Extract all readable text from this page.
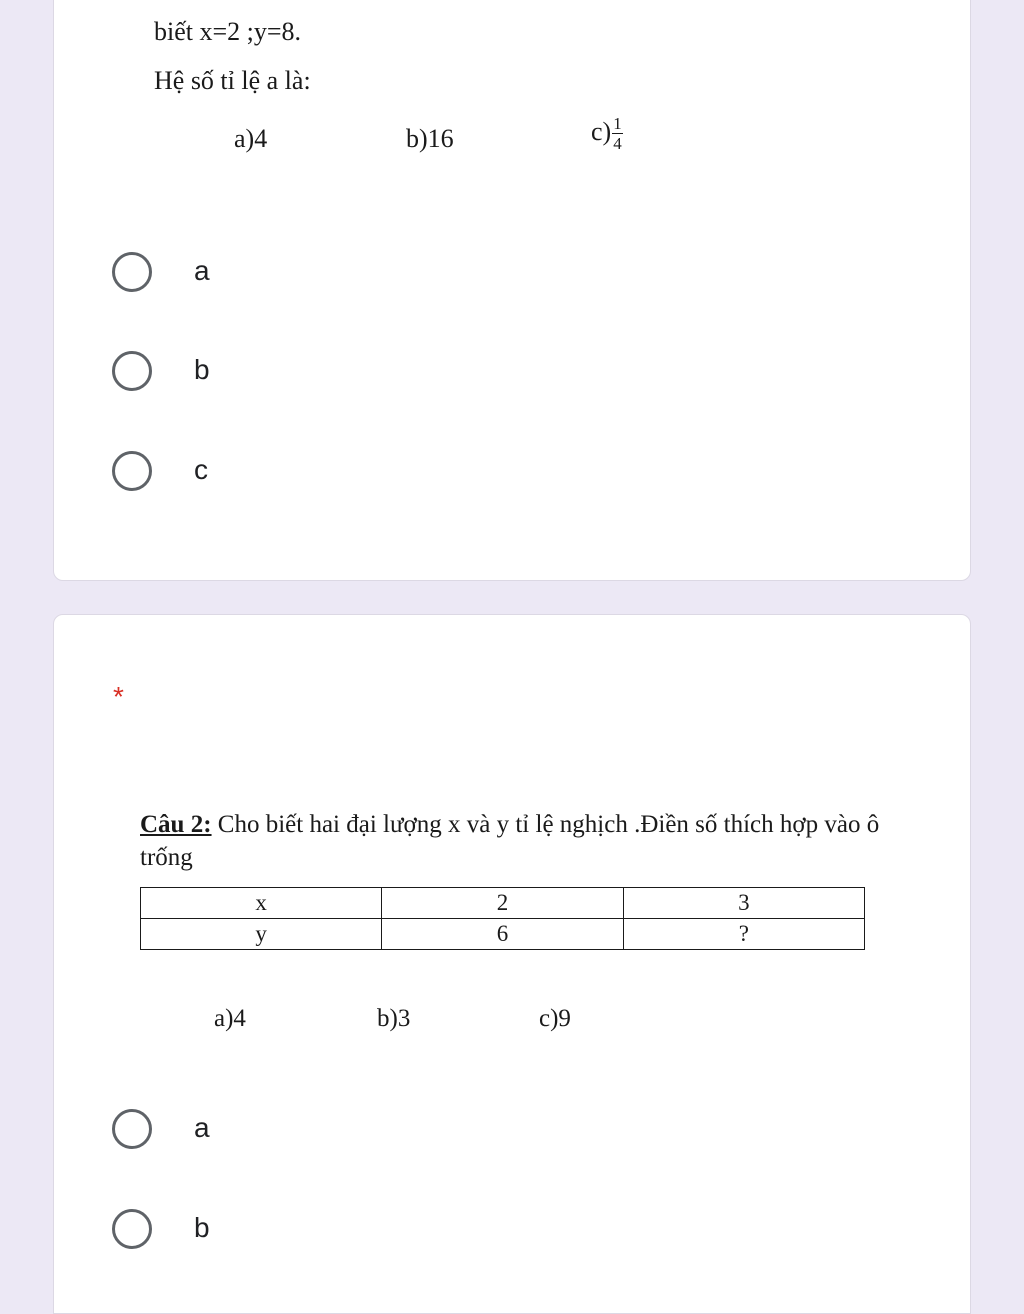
biết x=2 ;y=8.
Hệ số tỉ lệ a là:
a)4	b)16	$c) \frac{1}{4}$
a
b
c
*
Câu 2: Cho biết hai đại lượng x và y tỉ lệ nghịch .Điền số thích hợp vào ô trống
x	2	3
y	6	?
a)4	b)3	c)9
a
b
